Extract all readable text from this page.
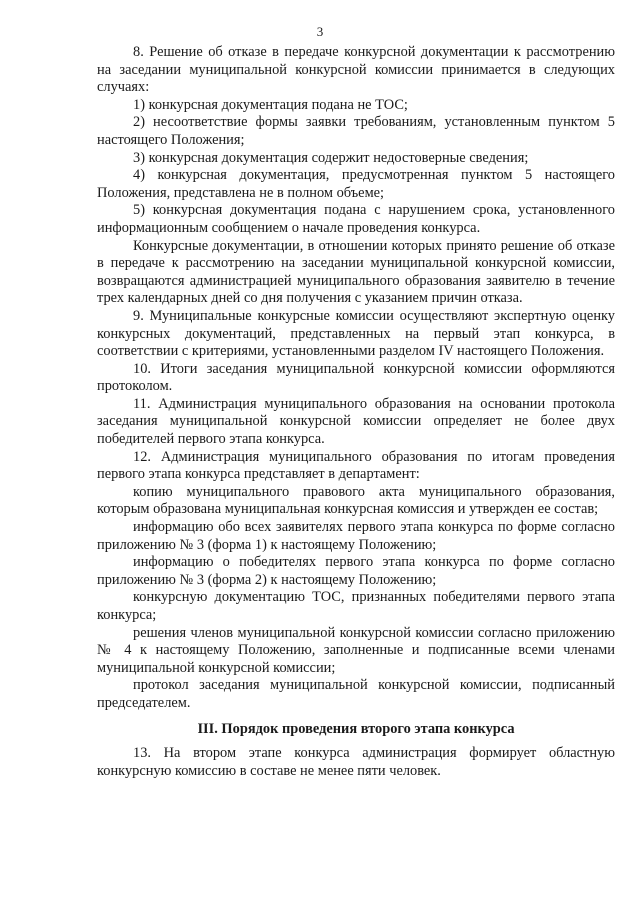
3

8. Решение об отказе в передаче конкурсной документации к рассмотрению на заседании муниципальной конкурсной комиссии принимается в следующих случаях:

1) конкурсная документация подана не ТОС;

2) несоответствие формы заявки требованиям, установленным пунктом 5 настоящего Положения;

3) конкурсная документация содержит недостоверные сведения;

4) конкурсная документация, предусмотренная пунктом 5 настоящего Положения, представлена не в полном объеме;

5) конкурсная документация подана с нарушением срока, установленного информационным сообщением о начале проведения конкурса.

Конкурсные документации, в отношении которых принято решение об отказе в передаче к рассмотрению на заседании муниципальной конкурсной комиссии, возвращаются администрацией муниципального образования заявителю в течение трех календарных дней со дня получения с указанием причин отказа.

9. Муниципальные конкурсные комиссии осуществляют экспертную оценку конкурсных документаций, представленных на первый этап конкурса, в соответствии с критериями, установленными разделом IV настоящего Положения.

10. Итоги заседания муниципальной конкурсной комиссии оформляются протоколом.

11. Администрация муниципального образования на основании протокола заседания муниципальной конкурсной комиссии определяет не более двух победителей первого этапа конкурса.

12. Администрация муниципального образования по итогам проведения первого этапа конкурса представляет в департамент:

копию муниципального правового акта муниципального образования, которым образована муниципальная конкурсная комиссия и утвержден ее состав;

информацию обо всех заявителях первого этапа конкурса по форме согласно приложению № 3 (форма 1) к настоящему Положению;

информацию о победителях первого этапа конкурса по форме согласно приложению № 3 (форма 2) к настоящему Положению;

конкурсную документацию ТОС, признанных победителями первого этапа конкурса;

решения членов муниципальной конкурсной комиссии согласно приложению № 4 к настоящему Положению, заполненные и подписанные всеми членами муниципальной конкурсной комиссии;

протокол заседания муниципальной конкурсной комиссии, подписанный председателем.

III. Порядок проведения второго этапа конкурса

13. На втором этапе конкурса администрация формирует областную конкурсную комиссию в составе не менее пяти человек.
